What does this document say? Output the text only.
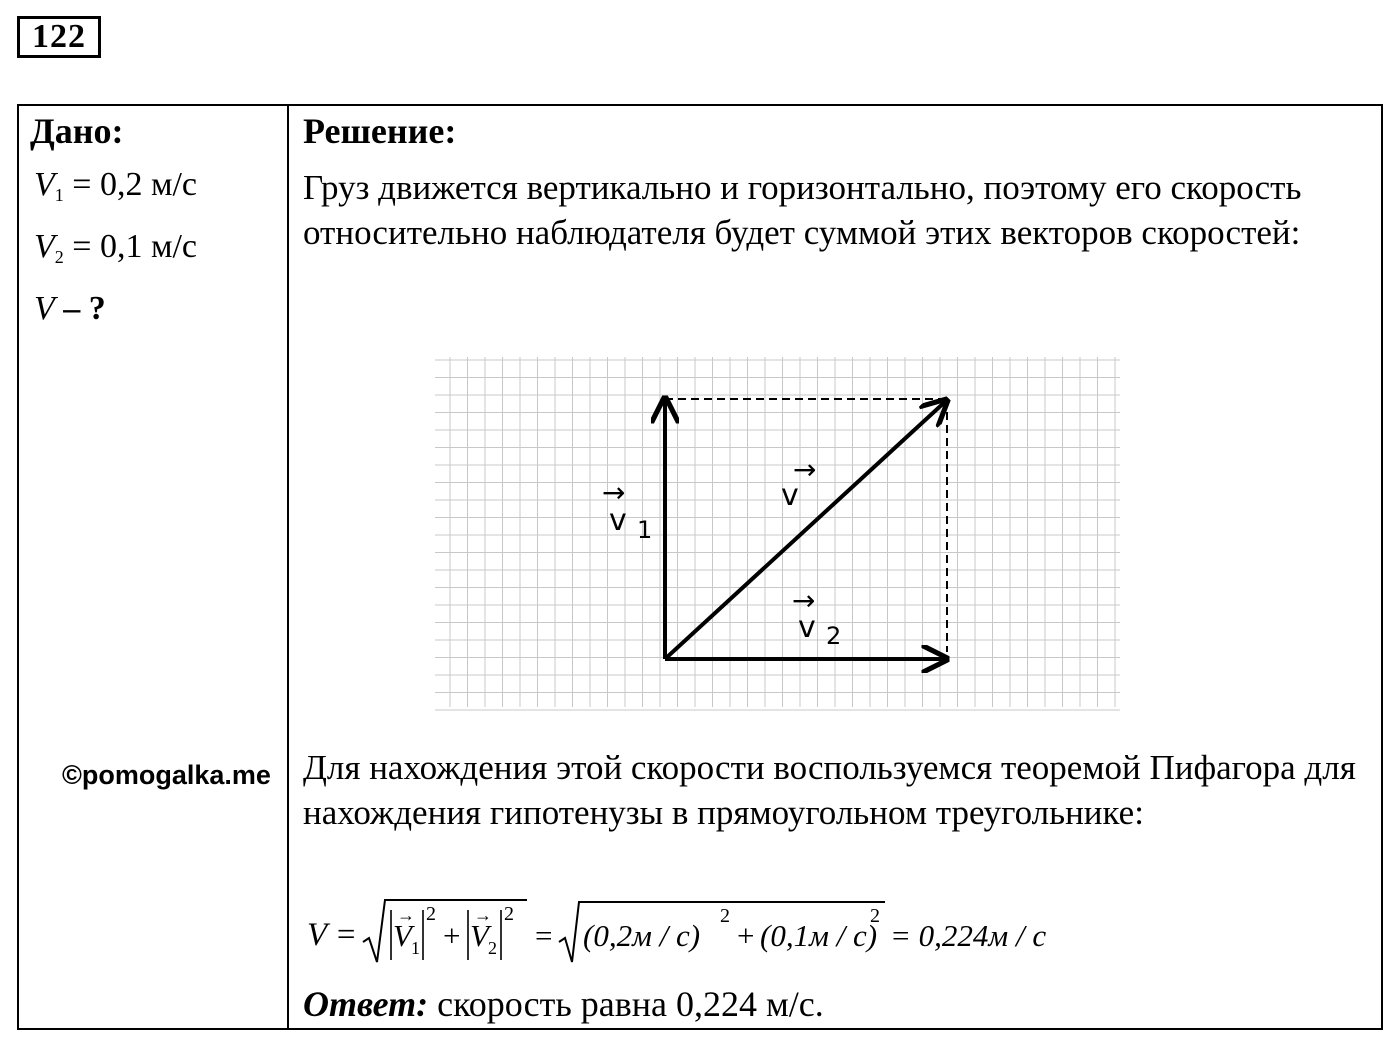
122
Дано:
$V_1 = 0,2$ м/с
$V_2 = 0,1$ м/с
V – ?
©pomogalka.me
Решение:
Груз движется вертикально и горизонтально, поэтому его скорость относительно наблюдателя будет суммой этих векторов скоростей:
→
v
→
v 1
→
v 2
Для нахождения этой скорости воспользуемся теоремой Пифагора для нахождения гипотенузы в прямоугольном треугольнике:
V = V
→
1
2
+ V
→
2
2
= (0,2м / с)
2
+ (0,1м / с)
2
= 0,224м / с
Ответ: скорость равна 0,224 м/с.
